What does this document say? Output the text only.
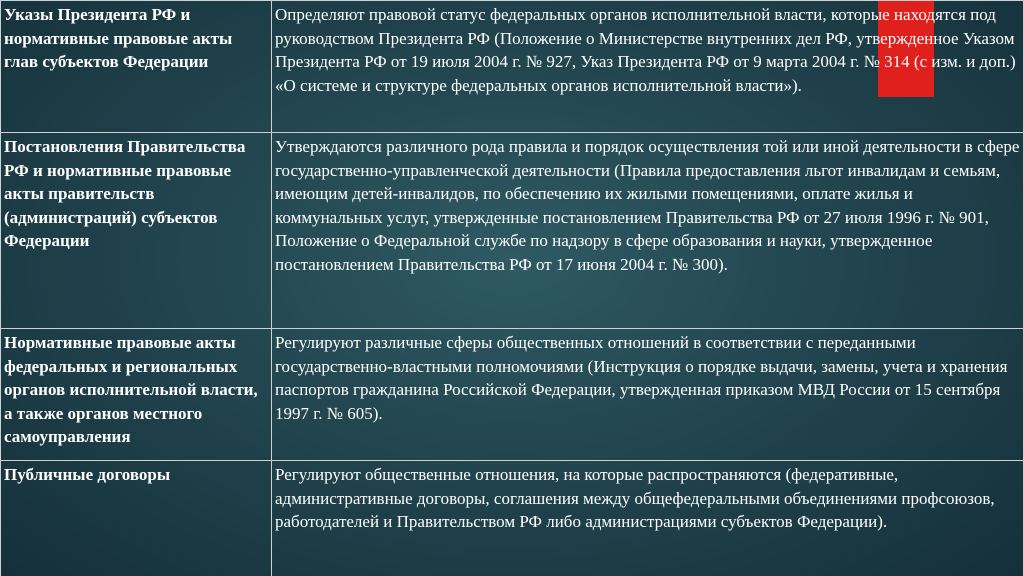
Указы Президента РФ и нормативные правовые акты глав субъектов Федерации	Определяют правовой статус федеральных органов исполнительной власти, которые находятся под руководством Президента РФ (Положение о Министерстве внутренних дел РФ, утвержденное Указом Президента РФ от 19 июля 2004 г. № 927, Указ Президента РФ от 9 марта 2004 г. № 314 (с изм. и доп.) «О системе и структуре федеральных органов исполнительной власти»).
Постановления Правительства РФ и нормативные правовые акты правительств (администраций) субъектов Федерации	Утверждаются различного рода правила и порядок осуществления той или иной деятельности в сфере государственно-управленческой деятельности (Правила предоставления льгот инвалидам и семьям, имеющим детей-инвалидов, по обеспечению их жилыми помещениями, оплате жилья и коммунальных услуг, утвержденные постановлением Правительства РФ от 27 июля 1996 г. № 901, Положение о Федеральной службе по надзору в сфере образования и науки, утвержденное постановлением Правительства РФ от 17 июня 2004 г. № 300).
Нормативные правовые акты федеральных и региональных органов исполнительной власти, а также органов местного самоуправления	Регулируют различные сферы общественных отношений в соответствии с переданными государственно-властными полномочиями (Инструкция о порядке выдачи, замены, учета и хранения паспортов гражданина Российской Федерации, утвержденная приказом МВД России от 15 сентября 1997 г. № 605).
Публичные договоры	Регулируют общественные отношения, на которые распространяются (федеративные, административные договоры, соглашения между общефедеральными объединениями профсоюзов, работодателей и Правительством РФ либо администрациями субъектов Федерации).
